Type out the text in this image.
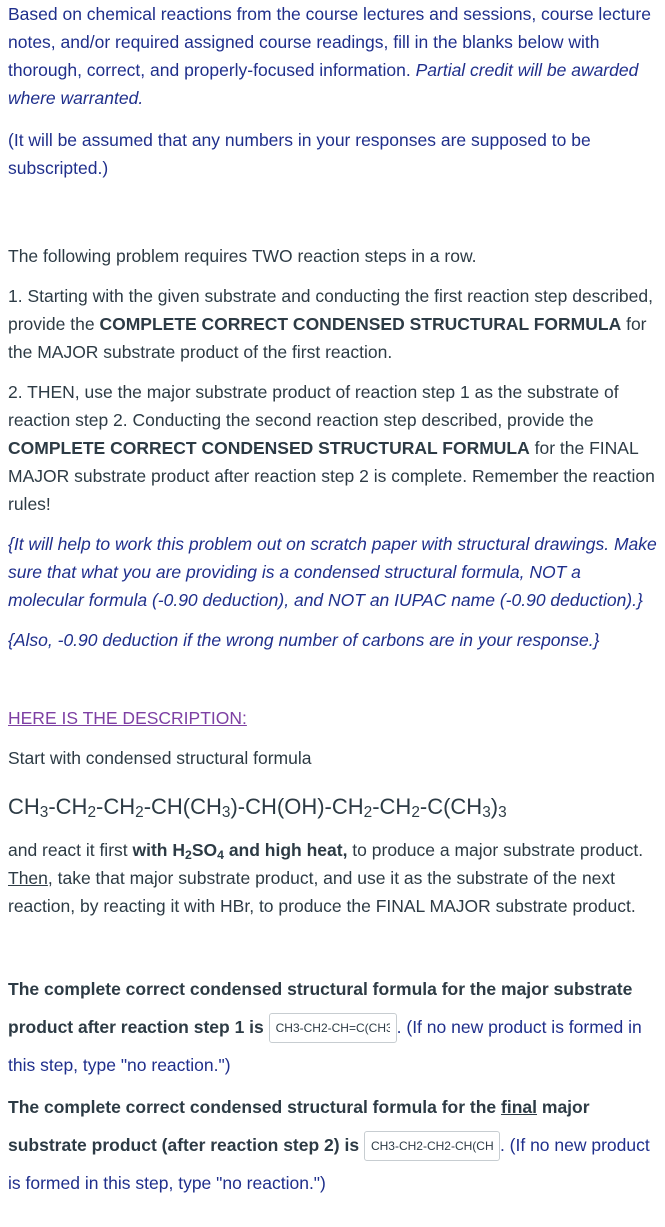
Based on chemical reactions from the course lectures and sessions, course lecture notes, and/or required assigned course readings, fill in the blanks below with thorough, correct, and properly-focused information. Partial credit will be awarded where warranted.

(It will be assumed that any numbers in your responses are supposed to be subscripted.)

The following problem requires TWO reaction steps in a row.

1. Starting with the given substrate and conducting the first reaction step described, provide the COMPLETE CORRECT CONDENSED STRUCTURAL FORMULA for the MAJOR substrate product of the first reaction.

2. THEN, use the major substrate product of reaction step 1 as the substrate of reaction step 2. Conducting the second reaction step described, provide the COMPLETE CORRECT CONDENSED STRUCTURAL FORMULA for the FINAL MAJOR substrate product after reaction step 2 is complete. Remember the reaction rules!

{It will help to work this problem out on scratch paper with structural drawings. Make sure that what you are providing is a condensed structural formula, NOT a molecular formula (-0.90 deduction), and NOT an IUPAC name (-0.90 deduction).}

{Also, -0.90 deduction if the wrong number of carbons are in your response.}

HERE IS THE DESCRIPTION:

Start with condensed structural formula

$CH_3-CH_2-CH_2-CH(CH_3)-CH(OH)-CH_2-CH_2-C(CH_3)_3$

and react it first with $H_2SO_4$ and high heat, to produce a major substrate product. Then, take that major substrate product, and use it as the substrate of the next reaction, by reacting it with HBr, to produce the FINAL MAJOR substrate product.

The complete correct condensed structural formula for the major substrate product after reaction step 1 is CH3-CH2-CH=C(CH3)-CH2-CH2-CH2-C(CH3)3	. (If no new product is formed in this step, type "no reaction.")

The complete correct condensed structural formula for the final major substrate product (after reaction step 2) is CH3-CH2-CH2-CH(CH3)-CH2-CH2-CH2-C(CH3)3	. (If no new product is formed in this step, type "no reaction.")
